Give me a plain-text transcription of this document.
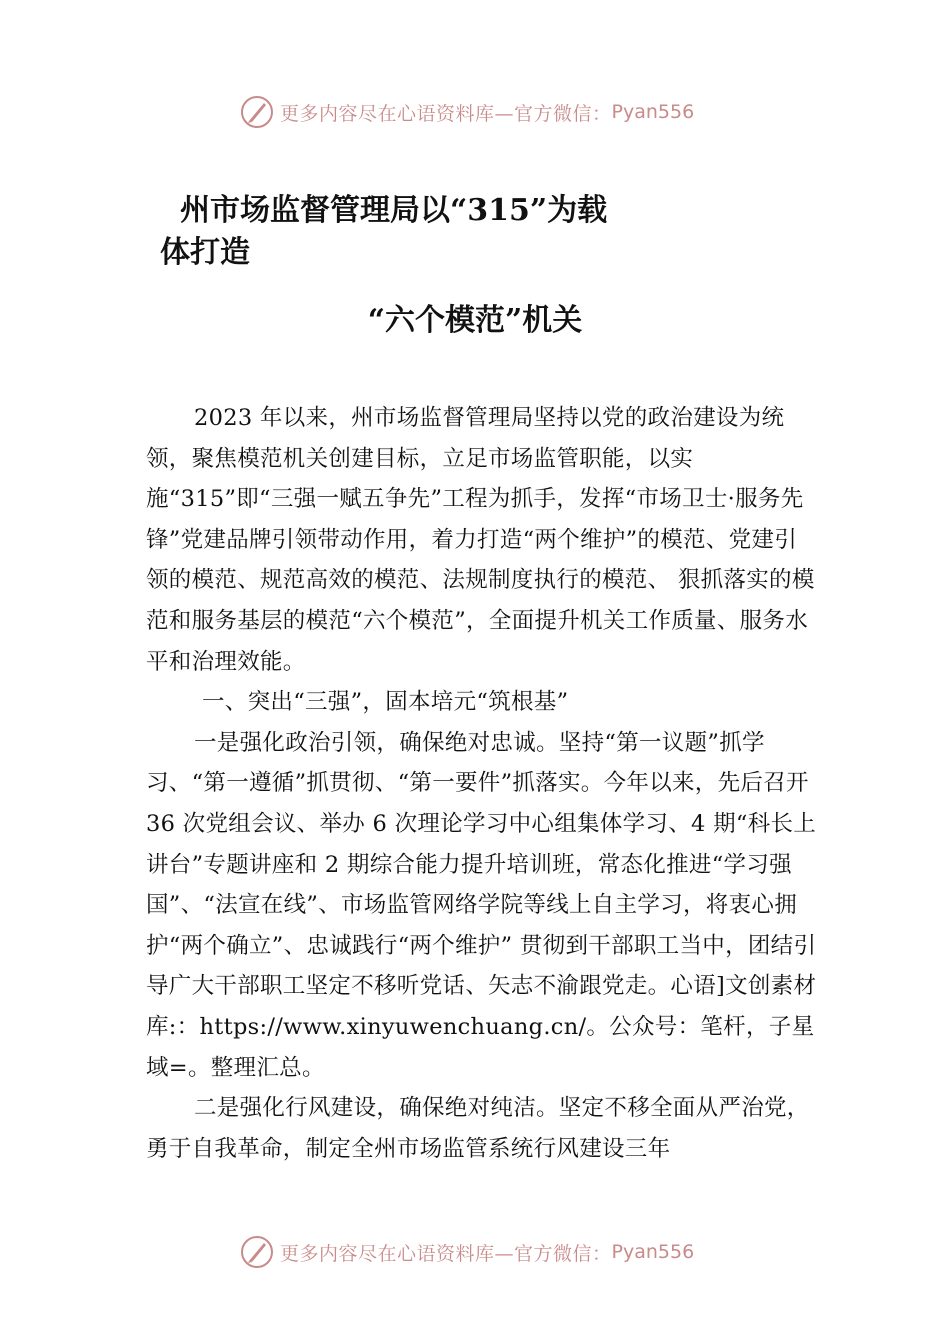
更多内容尽在心语资料库—官方微信： Pyan556
州市场监督管理局以“315”为载体打造
“六个模范”机关

2023 年以来，州市场监督管理局坚持以党的政治建设为统领，聚焦模范机关创建目标，立足市场监管职能，以实施“315”即“三强一赋五争先”工程为抓手，发挥“市场卫士·服务先锋”党建品牌引领带动作用，着力打造“两个维护”的模范、党建引领的模范、规范高效的模范、法规制度执行的模范、 狠抓落实的模范和服务基层的模范“六个模范”，全面提升机关工作质量、服务水平和治理效能。

一、突出“三强”，固本培元“筑根基”

一是强化政治引领，确保绝对忠诚。坚持“第一议题”抓学习、“第一遵循”抓贯彻、“第一要件”抓落实。今年以来，先后召开 36 次党组会议、举办 6 次理论学习中心组集体学习、4 期“科长上讲台”专题讲座和 2 期综合能力提升培训班，常态化推进“学习强国”、“法宣在线”、市场监管网络学院等线上自主学习，将衷心拥护“两个确立”、忠诚践行“两个维护” 贯彻到干部职工当中，团结引导广大干部职工坚定不移听党话、矢志不渝跟党走。心语]文创素材库:：https://www.xinyuwenchuang.cn/。公众号：笔杆，子星域=。整理汇总。

二是强化行风建设，确保绝对纯洁。坚定不移全面从严治党，勇于自我革命，制定全州市场监管系统行风建设三年

更多内容尽在心语资料库—官方微信： Pyan556
